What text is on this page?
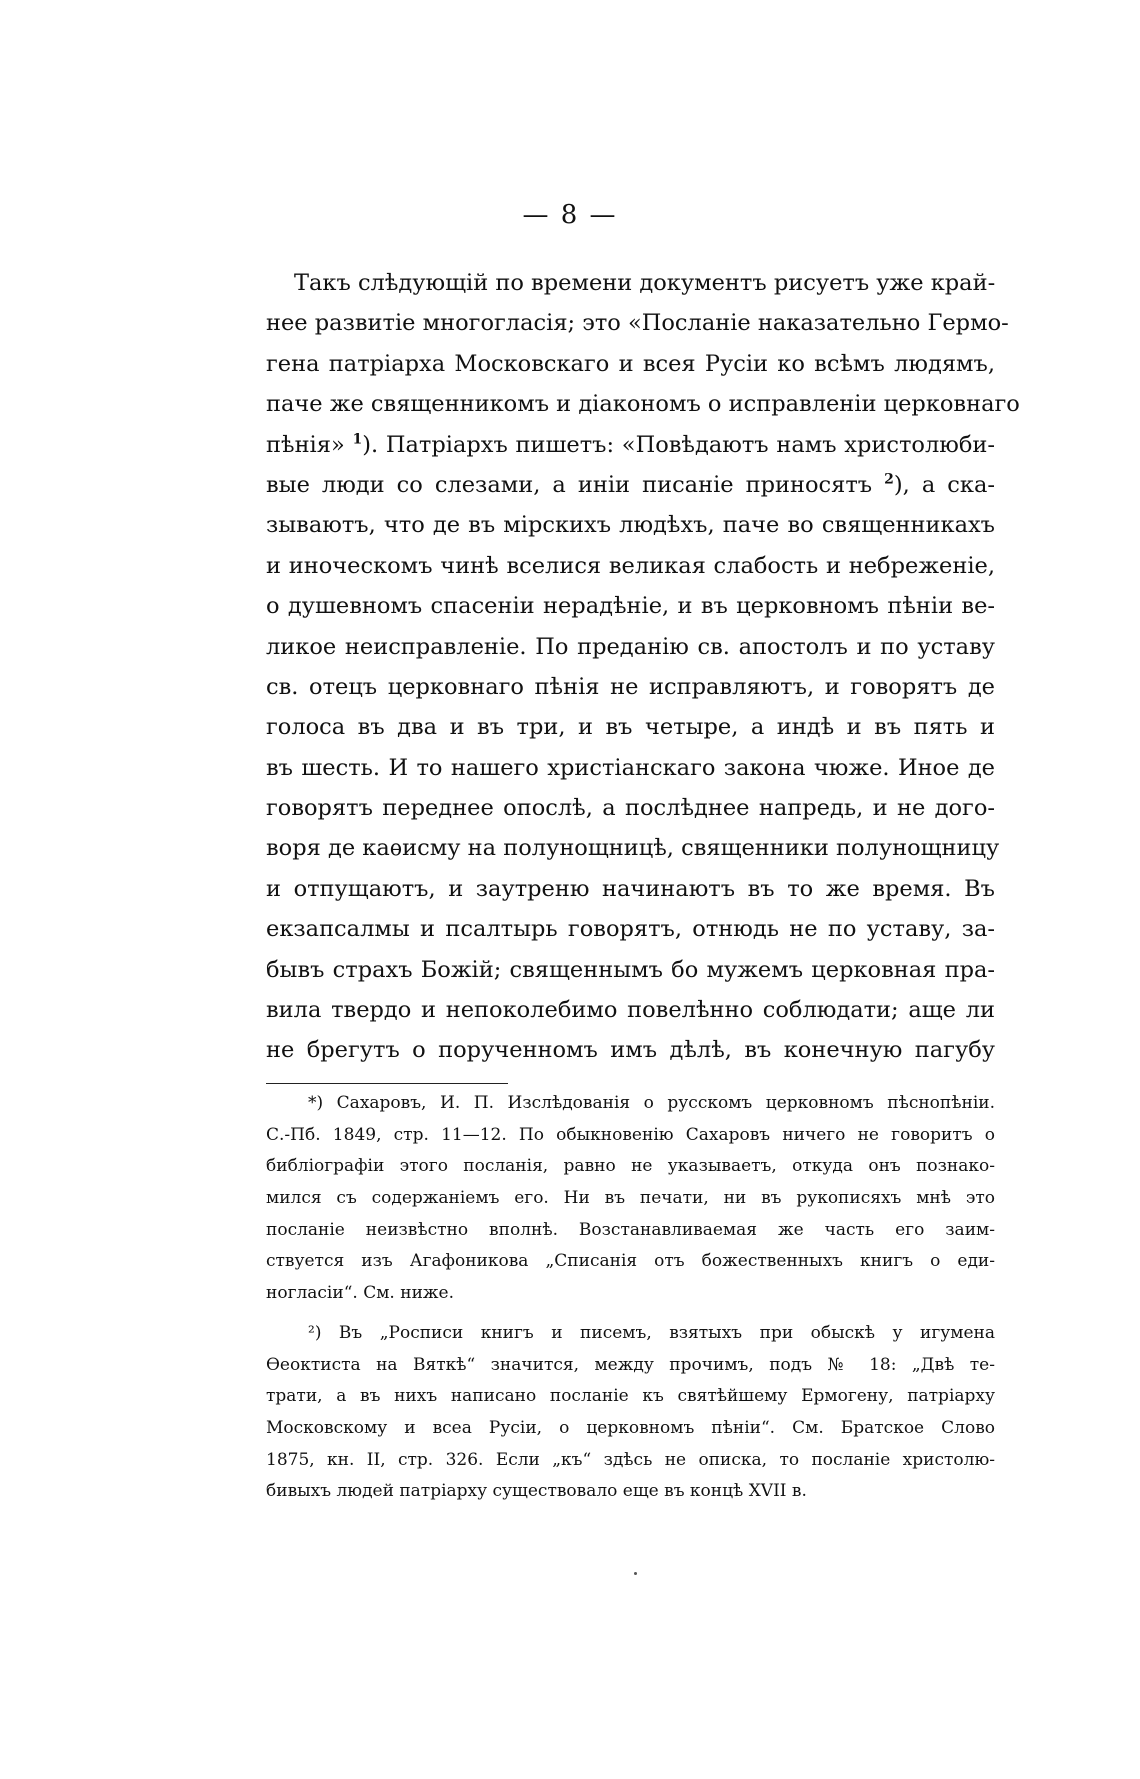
— 8 —
Такъ слѣдующій по времени документъ рисуетъ уже край-
нее развитіе многогласія; это «Посланіе наказательно Гермо-
гена патріарха Московскаго и всея Русіи ко всѣмъ людямъ,
паче же священникомъ и діакономъ о исправленіи церковнаго
пѣнія» $^1$). Патріархъ пишетъ: «Повѣдаютъ намъ христолюби-
вые люди со слезами, а иніи писаніе приносятъ $^2$), а ска-
зываютъ, что де въ мірскихъ людѣхъ, паче во священникахъ
и иноческомъ чинѣ вселися великая слабость и небреженіе,
о душевномъ спасеніи нерадѣніе, и въ церковномъ пѣніи ве-
ликое неисправленіе. По преданію св. апостолъ и по уставу
св. отецъ церковнаго пѣнія не исправляютъ, и говорятъ де
голоса въ два и въ три, и въ четыре, а индѣ и въ пять и
въ шесть. И то нашего христіанскаго закона чюже. Иное де
говорятъ переднее опослѣ, а послѣднее напредь, и не дого-
воря де каѳисму на полунощницѣ, священники полунощницу
и отпущаютъ, и заутреню начинаютъ въ то же время. Въ
екзапсалмы и псалтырь говорятъ, отнюдь не по уставу, за-
бывъ страхъ Божій; священнымъ бо мужемъ церковная пра-
вила твердо и непоколебимо повелѣнно соблюдати; аще ли
не брегутъ о порученномъ имъ дѣлѣ, въ конечную пагубу
*) Сахаровъ, И. П. Изслѣдованія о русскомъ церковномъ пѣснопѣніи.
С.-Пб. 1849, стр. 11—12. По обыкновенію Сахаровъ ничего не говоритъ о
библіографіи этого посланія, равно не указываетъ, откуда онъ познако-
мился съ содержаніемъ его. Ни въ печати, ни въ рукописяхъ мнѣ это
посланіе неизвѣстно вполнѣ. Возстанавливаемая же часть его заим-
ствуется изъ Агафоникова „Списанія отъ божественныхъ книгъ о еди-
ногласіи“. См. ниже.
²) Въ „Росписи книгъ и писемъ, взятыхъ при обыскѣ у игумена
Ѳеоктиста на Вяткѣ“ значится, между прочимъ, подъ № 18: „Двѣ те-
трати, а въ нихъ написано посланіе къ святѣйшему Ермогену, патріарху
Московскому и всеа Русіи, о церковномъ пѣніи“. См. Братское Слово
1875, кн. II, стр. 326. Если „къ“ здѣсь не описка, то посланіе христолю-
бивыхъ людей патріарху существовало еще въ концѣ XVII в.
